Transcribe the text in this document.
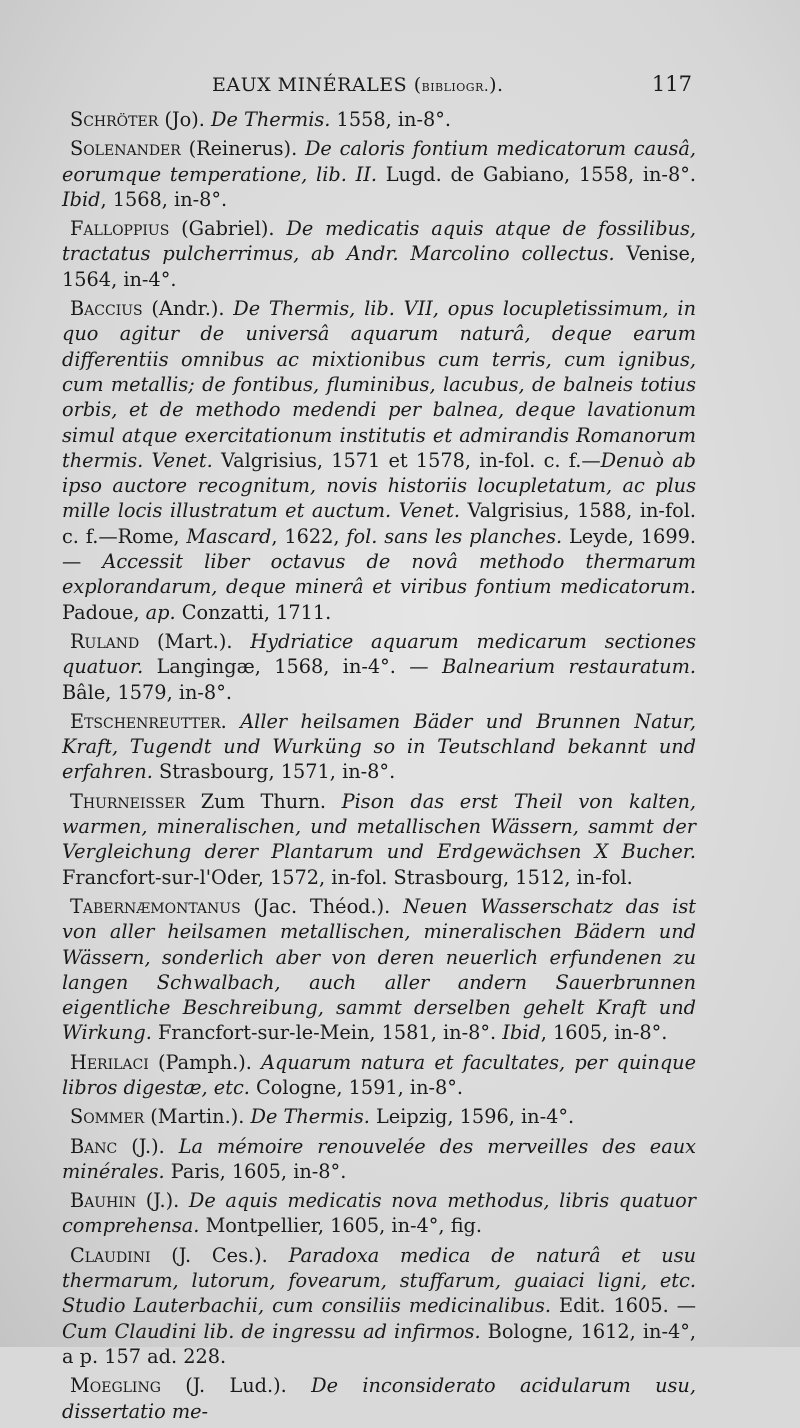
EAUX MINÉRALES (bibliogr.).	117

Schröter (Jo). De Thermis. 1558, in-8°.

Solenander (Reinerus). De caloris fontium medicatorum causâ, eorumque temperatione, lib. II. Lugd. de Gabiano, 1558, in-8°. Ibid, 1568, in-8°.

Falloppius (Gabriel). De medicatis aquis atque de fossilibus, tractatus pulcherrimus, ab Andr. Marcolino collectus. Venise, 1564, in-4°.

Baccius (Andr.). De Thermis, lib. VII, opus locupletissimum, in quo agitur de universâ aquarum naturâ, deque earum differentiis omnibus ac mixtionibus cum terris, cum ignibus, cum metallis; de fontibus, fluminibus, lacubus, de balneis totius orbis, et de methodo medendi per balnea, deque lavationum simul atque exercitationum institutis et admirandis Romanorum thermis. Venet. Valgrisius, 1571 et 1578, in-fol. c. f.—Denuò ab ipso auctore recognitum, novis historiis locupletatum, ac plus mille locis illustratum et auctum. Venet. Valgrisius, 1588, in-fol. c. f.—Rome, Mascard, 1622, fol. sans les planches. Leyde, 1699. — Accessit liber octavus de novâ methodo thermarum explorandarum, deque minerâ et viribus fontium medicatorum. Padoue, ap. Conzatti, 1711.

Ruland (Mart.). Hydriatice aquarum medicarum sectiones quatuor. Langingæ, 1568, in-4°. — Balnearium restauratum. Bâle, 1579, in-8°.

Etschenreutter. Aller heilsamen Bäder und Brunnen Natur, Kraft, Tugendt und Wurküng so in Teutschland bekannt und erfahren. Strasbourg, 1571, in-8°.

Thurneisser Zum Thurn. Pison das erst Theil von kalten, warmen, mineralischen, und metallischen Wässern, sammt der Vergleichung derer Plantarum und Erdgewächsen X Bucher. Francfort-sur-l'Oder, 1572, in-fol. Strasbourg, 1512, in-fol.

Tabernæmontanus (Jac. Théod.). Neuen Wasserschatz das ist von aller heilsamen metallischen, mineralischen Bädern und Wässern, sonderlich aber von deren neuerlich erfundenen zu langen Schwalbach, auch aller andern Sauerbrunnen eigentliche Beschreibung, sammt derselben gehelt Kraft und Wirkung. Francfort-sur-le-Mein, 1581, in-8°. Ibid, 1605, in-8°.

Herilaci (Pamph.). Aquarum natura et facultates, per quinque libros digestæ, etc. Cologne, 1591, in-8°.

Sommer (Martin.). De Thermis. Leipzig, 1596, in-4°.

Banc (J.). La mémoire renouvelée des merveilles des eaux minérales. Paris, 1605, in-8°.

Bauhin (J.). De aquis medicatis nova methodus, libris quatuor comprehensa. Montpellier, 1605, in-4°, fig.

Claudini (J. Ces.). Paradoxa medica de naturâ et usu thermarum, lutorum, fovearum, stuffarum, guaiaci ligni, etc. Studio Lauterbachii, cum consiliis medicinalibus. Edit. 1605. — Cum Claudini lib. de ingressu ad infirmos. Bologne, 1612, in-4°, a p. 157 ad. 228.

Moegling (J. Lud.). De inconsiderato acidularum usu, dissertatio me-
